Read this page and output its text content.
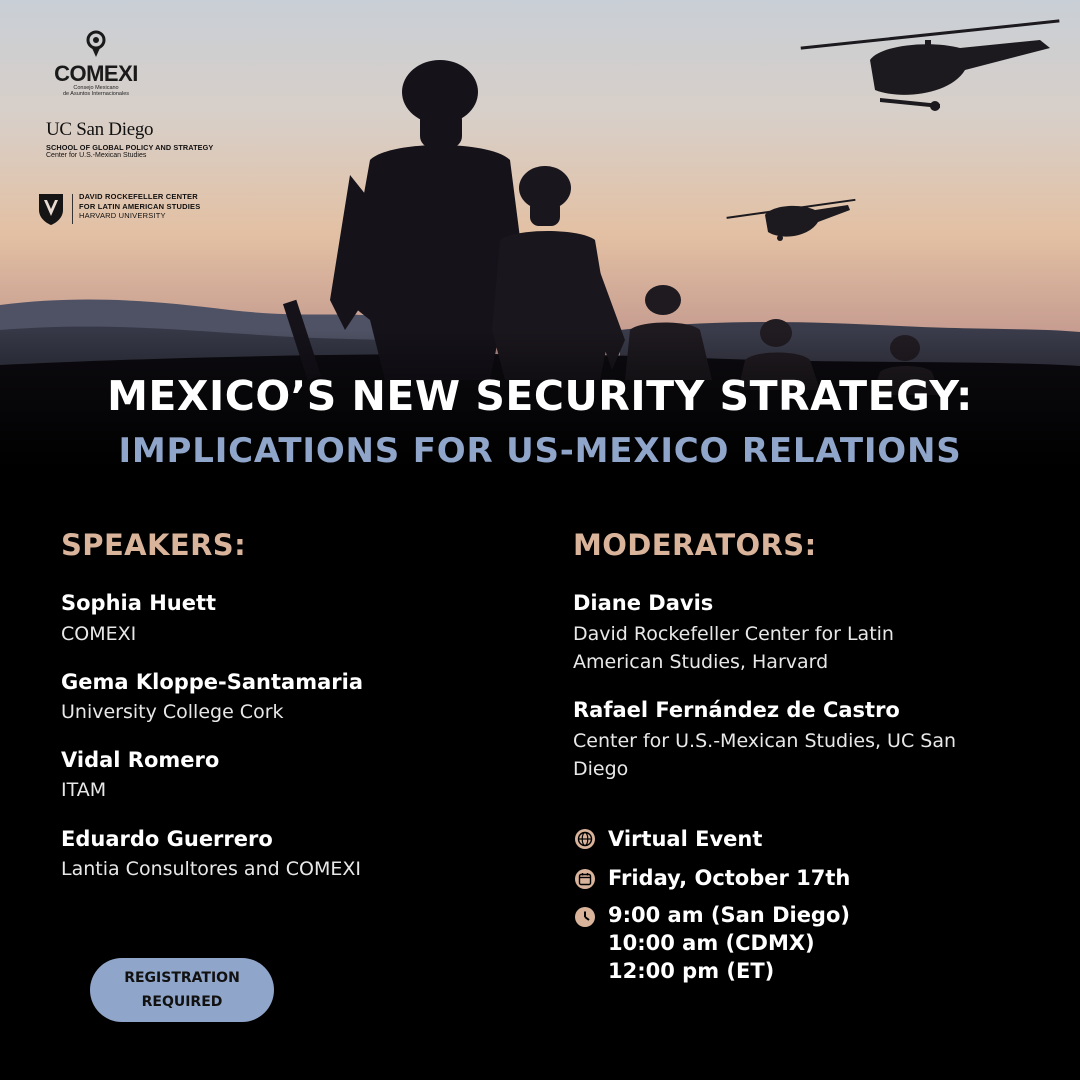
COMEXI
Consejo Mexicano
de Asuntos Internacionales
UC San Diego
SCHOOL OF GLOBAL POLICY AND STRATEGY
Center for U.S.-Mexican Studies
DAVID ROCKEFELLER CENTER
FOR LATIN AMERICAN STUDIES
HARVARD UNIVERSITY
MEXICO’S NEW SECURITY STRATEGY:
IMPLICATIONS FOR US-MEXICO RELATIONS
SPEAKERS:
Sophia Huett
COMEXI
Gema Kloppe-Santamaria
University College Cork
Vidal Romero
ITAM
Eduardo Guerrero
Lantia Consultores and COMEXI
MODERATORS:
Diane Davis
David Rockefeller Center for Latin
American Studies, Harvard
Rafael Fernández de Castro
Center for U.S.-Mexican Studies, UC San
Diego
Virtual Event
Friday, October 17th
9:00 am (San Diego)
10:00 am (CDMX)
12:00 pm (ET)
REGISTRATION
REQUIRED
